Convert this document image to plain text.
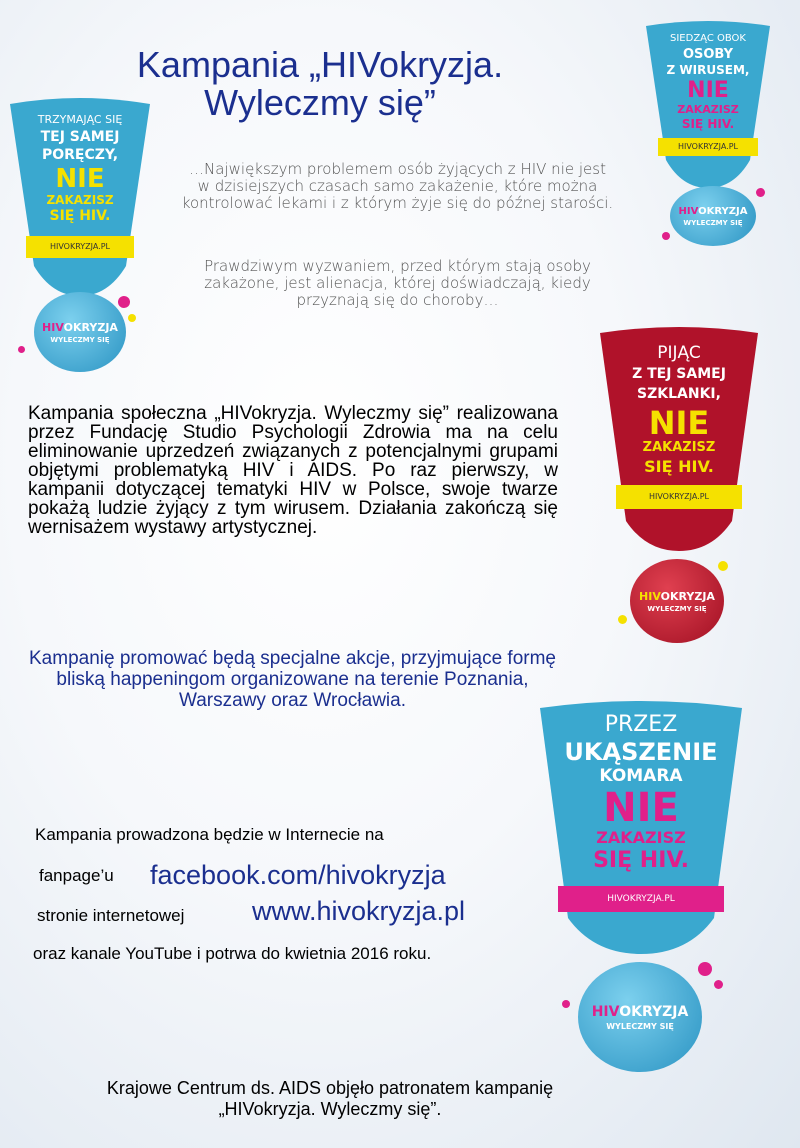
Kampania „HIVokryzja.
Wyleczmy się”

…Największym problemem osób żyjących z HIV nie jest
w dzisiejszych czasach samo zakażenie, które można
kontrolować lekami i z którym żyje się do późnej starości.

Prawdziwym wyzwaniem, przed którym stają osoby
zakażone, jest alienacja, której doświadczają, kiedy
przyznają się do choroby…

Kampania społeczna „HIVokryzja. Wyleczmy się” realizowana przez Fundację Studio Psychologii Zdrowia ma na celu eliminowanie uprzedzeń związanych z potencjalnymi grupami objętymi problematyką HIV i AIDS. Po raz pierwszy, w kampanii dotyczącej tematyki HIV w Polsce, swoje twarze pokażą ludzie żyjący z tym wirusem. Działania zakończą się wernisażem wystawy artystycznej.

Kampanię promować będą specjalne akcje, przyjmujące formę bliską happeningom organizowane na terenie Poznania, Warszawy oraz Wrocławia.

Kampania prowadzona będzie w Internecie na
fanpage’u facebook.com/hivokryzja
stronie internetowej	www.hivokryzja.pl
oraz kanale YouTube i potrwa do kwietnia 2016 roku.

Krajowe Centrum ds. AIDS objęło patronatem kampanię
„HIVokryzja. Wyleczmy się”.

TRZYMAJĄC SIĘ
TEJ SAMEJ
PORĘCZY,
NIE
ZAKAZISZ
SIĘ HIV.
HIVOKRYZJA.PL
HIVOKRYZJA
WYLECZMY SIĘ
SIEDZĄC OBOK
OSOBY
Z WIRUSEM,
NIE
ZAKAZISZ
SIĘ HIV.
HIVOKRYZJA.PL
HIVOKRYZJA
WYLECZMY SIĘ
PIJĄC
Z TEJ SAMEJ
SZKLANKI,
NIE
ZAKAZISZ
SIĘ HIV.
HIVOKRYZJA.PL
HIVOKRYZJA
WYLECZMY SIĘ
PRZEZ
UKĄSZENIE
KOMARA
NIE
ZAKAZISZ
SIĘ HIV.
HIVOKRYZJA.PL
HIVOKRYZJA
WYLECZMY SIĘ
